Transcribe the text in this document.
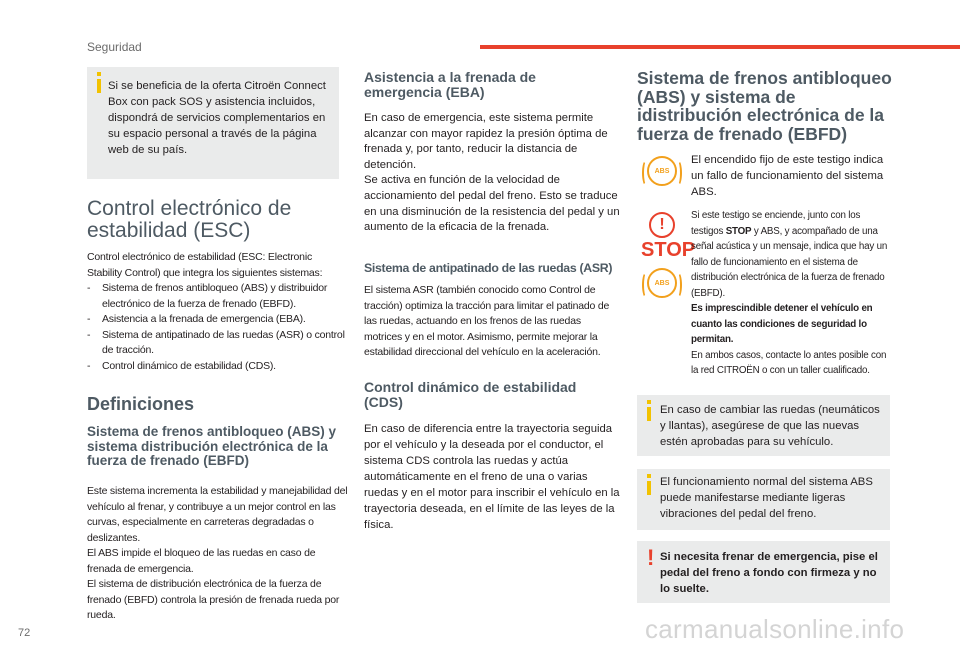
Seguridad
Si se beneficia de la oferta Citroën Connect Box con pack SOS y asistencia incluidos, dispondrá de servicios complementarios en su espacio personal a través de la página web de su país.
Control electrónico de
estabilidad (ESC)
Control electrónico de estabilidad (ESC: Electronic Stability Control) que integra los siguientes sistemas:
- Sistema de frenos antibloqueo (ABS) y distribuidor electrónico de la fuerza de frenado (EBFD).
- Asistencia a la frenada de emergencia (EBA).
- Sistema de antipatinado de las ruedas (ASR) o control de tracción.
- Control dinámico de estabilidad (CDS).
Definiciones
Sistema de frenos antibloqueo (ABS) y sistema distribución electrónica de la fuerza de frenado (EBFD)
Este sistema incrementa la estabilidad y manejabilidad del vehículo al frenar, y contribuye a un mejor control en las curvas, especialmente en carreteras degradadas o deslizantes.
El ABS impide el bloqueo de las ruedas en caso de frenada de emergencia.
El sistema de distribución electrónica de la fuerza de frenado (EBFD) controla la presión de frenada rueda por rueda.
Asistencia a la frenada de emergencia (EBA)
En caso de emergencia, este sistema permite alcanzar con mayor rapidez la presión óptima de frenada y, por tanto, reducir la distancia de detención.
Se activa en función de la velocidad de accionamiento del pedal del freno. Esto se traduce en una disminución de la resistencia del pedal y un aumento de la eficacia de la frenada.
Sistema de antipatinado de las ruedas (ASR)
El sistema ASR (también conocido como Control de tracción) optimiza la tracción para limitar el patinado de las ruedas, actuando en los frenos de las ruedas motrices y en el motor. Asimismo, permite mejorar la estabilidad direccional del vehículo en la aceleración.
Control dinámico de estabilidad (CDS)
En caso de diferencia entre la trayectoria seguida por el vehículo y la deseada por el conductor, el sistema CDS controla las ruedas y actúa automáticamente en el freno de una o varias ruedas y en el motor para inscribir el vehículo en la trayectoria deseada, en el límite de las leyes de la física.
Sistema de frenos antibloqueo (ABS) y sistema de idistribución electrónica de la fuerza de frenado (EBFD)
ABS
El encendido fijo de este testigo indica un fallo de funcionamiento del sistema ABS.
!
STOP
ABS
Si este testigo se enciende, junto con los testigos STOP y ABS, y acompañado de una señal acústica y un mensaje, indica que hay un fallo de funcionamiento en el sistema de distribución electrónica de la fuerza de frenado (EBFD).
Es imprescindible detener el vehículo en cuanto las condiciones de seguridad lo permitan.
En ambos casos, contacte lo antes posible con la red CITROËN o con un taller cualificado.
En caso de cambiar las ruedas (neumáticos y llantas), asegúrese de que las nuevas estén aprobadas para su vehículo.
El funcionamiento normal del sistema ABS puede manifestarse mediante ligeras vibraciones del pedal del freno.
! Si necesita frenar de emergencia, pise el pedal del freno a fondo con firmeza y no lo suelte.
72	carmanualsonline.info
